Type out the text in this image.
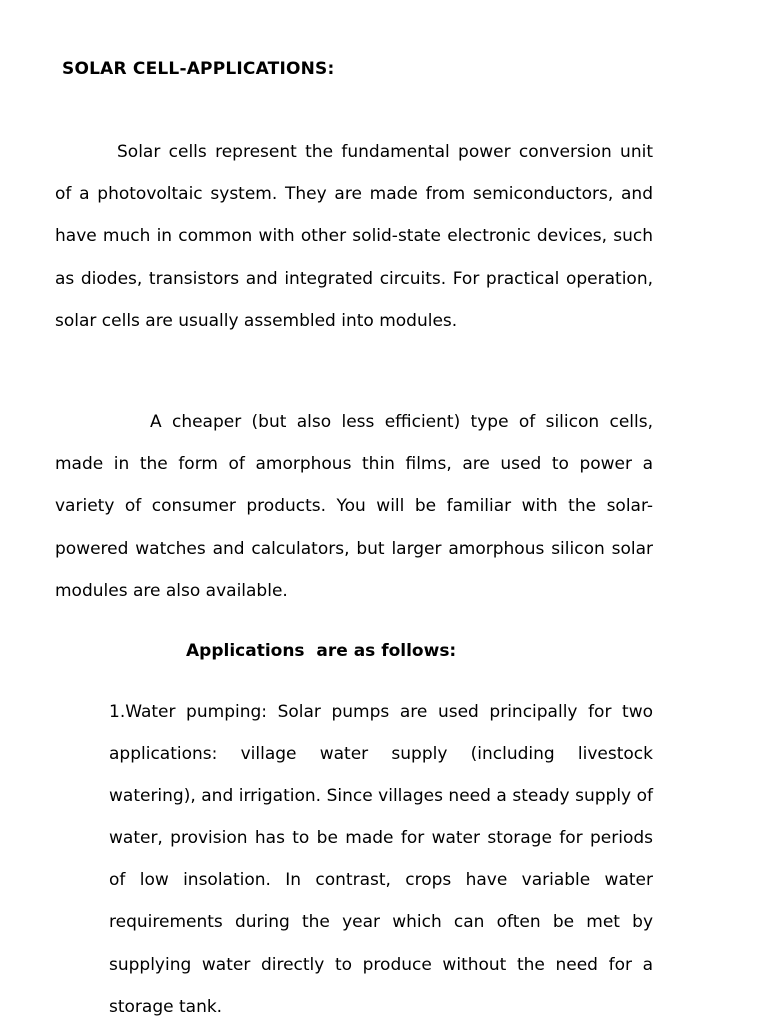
SOLAR CELL-APPLICATIONS:

Solar cells represent the fundamental power conversion unit of a photovoltaic system. They are made from semiconductors, and have much in common with other solid-state electronic devices, such as diodes, transistors and integrated circuits. For practical operation, solar cells are usually assembled into modules.

A cheaper (but also less efficient) type of silicon cells, made in the form of amorphous thin films, are used to power a variety of consumer products. You will be familiar with the solar-powered watches and calculators, but larger amorphous silicon solar modules are also available.

Applications  are as follows:
1.Water pumping: Solar pumps are used principally for two applications: village water supply (including livestock watering), and irrigation. Since villages need a steady supply of water, provision has to be made for water storage for periods of low insolation. In contrast, crops have variable water requirements during the year which can often be met by supplying water directly to produce without the need for a storage tank.
